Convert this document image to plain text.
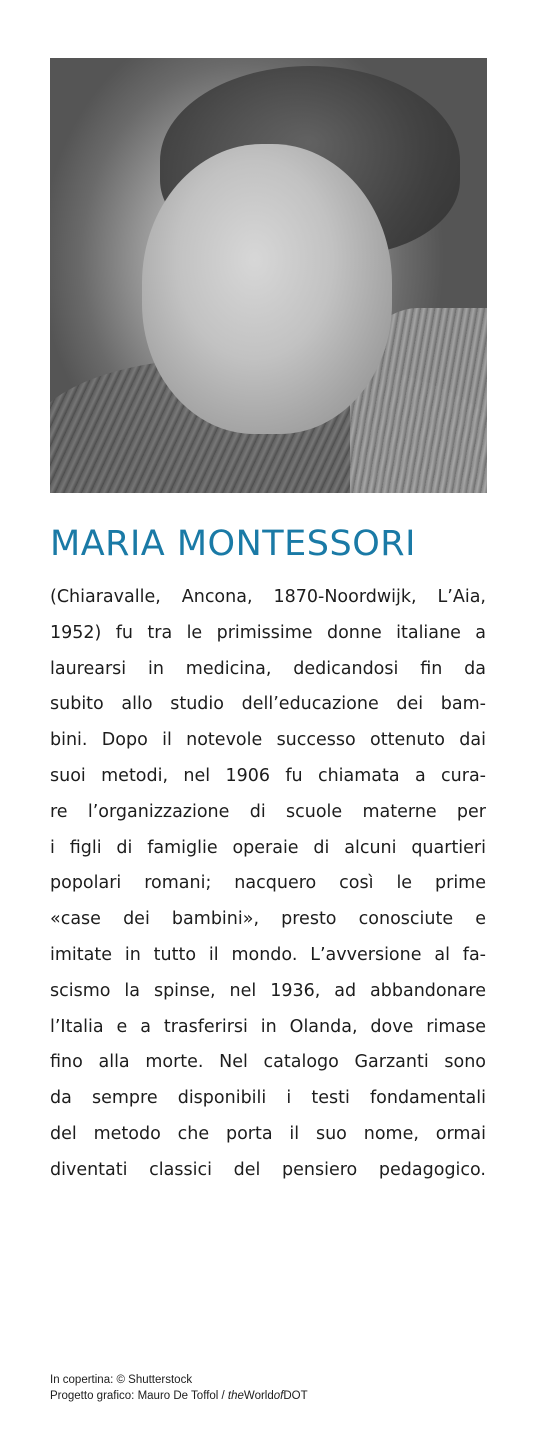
MARIA MONTESSORI
(Chiaravalle, Ancona, 1870-Noordwijk, L’Aia,
1952) fu tra le primissime donne italiane a
laurearsi in medicina, dedicandosi fin da
subito allo studio dell’educazione dei bam-
bini. Dopo il notevole successo ottenuto dai
suoi metodi, nel 1906 fu chiamata a cura-
re l’organizzazione di scuole materne per
i figli di famiglie operaie di alcuni quartieri
popolari romani; nacquero così le prime
«case dei bambini», presto conosciute e
imitate in tutto il mondo. L’avversione al fa-
scismo la spinse, nel 1936, ad abbandonare
l’Italia e a trasferirsi in Olanda, dove rimase
fino alla morte. Nel catalogo Garzanti sono
da sempre disponibili i testi fondamentali
del metodo che porta il suo nome, ormai
diventati classici del pensiero pedagogico.
In copertina: © Shutterstock
Progetto grafico: Mauro De Toffol / theWorldofDOT
